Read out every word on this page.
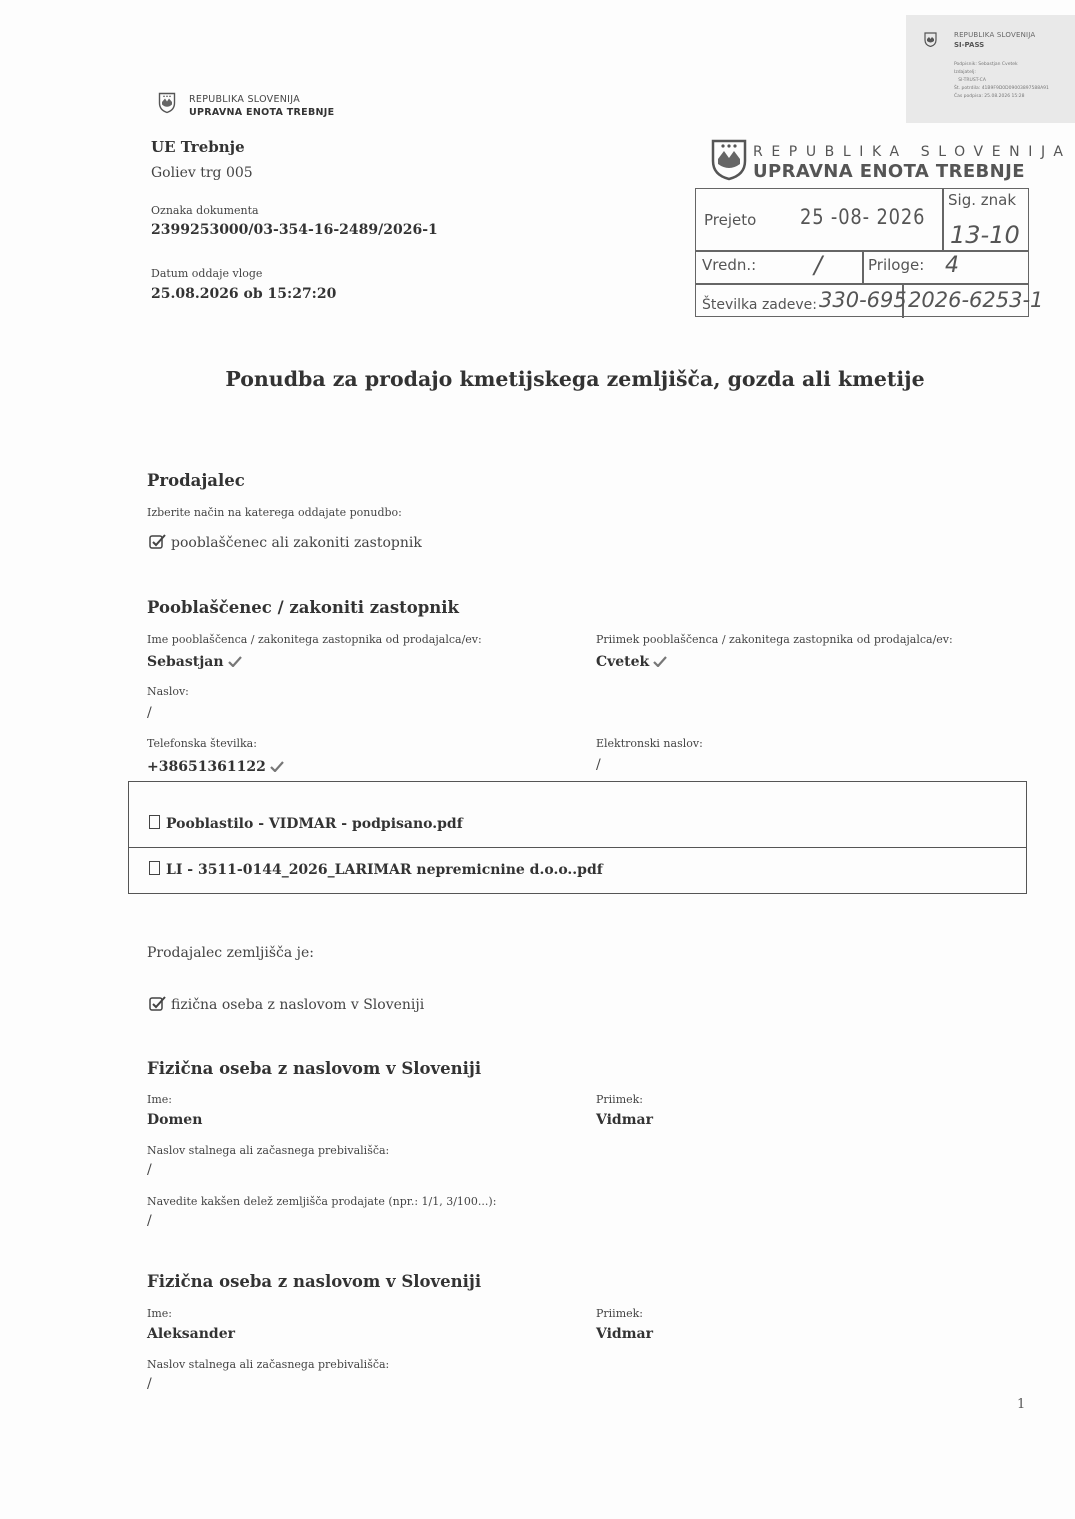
REPUBLIKA SLOVENIJA
SI-PASS
Podpisnik: Sebastjan Cvetek
Izdajatelj:
SI-TRUST-CA
Št. potrdila: 41B9F9D0D09003897588A91
Čas podpisa: 25.08.2026 15:28
REPUBLIKA SLOVENIJA
UPRAVNA ENOTA TREBNJE
UE Trebnje
Goliev trg 005
Oznaka dokumenta
2399253000/03-354-16-2489/2026-1
Datum oddaje vloge
25.08.2026 ob 15:27:20
REPUBLIKA SLOVENIJA
UPRAVNA ENOTA TREBNJE
Prejeto 25 -08- 2026
Sig. znak
13-10
Vredn.: /	Priloge: 4
Številka zadeve: 330-695 2026-6253-1
Ponudba za prodajo kmetijskega zemljišča, gozda ali kmetije
Prodajalec
Izberite način na katerega oddajate ponudbo:
pooblaščenec ali zakoniti zastopnik
Pooblaščenec / zakoniti zastopnik
Ime pooblaščenca / zakonitega zastopnika od prodajalca/ev:
Sebastjan
Priimek pooblaščenca / zakonitega zastopnika od prodajalca/ev:
Cvetek
Naslov:
/
Telefonska številka:
+38651361122
Elektronski naslov:
/
Pooblastilo - VIDMAR - podpisano.pdf
LI - 3511-0144_2026_LARIMAR nepremicnine d.o.o..pdf
Prodajalec zemljišča je:
fizična oseba z naslovom v Sloveniji
Fizična oseba z naslovom v Sloveniji
Ime:
Domen
Priimek:
Vidmar
Naslov stalnega ali začasnega prebivališča:
/
Navedite kakšen delež zemljišča prodajate (npr.: 1/1, 3/100...):
/
Fizična oseba z naslovom v Sloveniji
Ime:
Aleksander
Priimek:
Vidmar
Naslov stalnega ali začasnega prebivališča:
/
1
